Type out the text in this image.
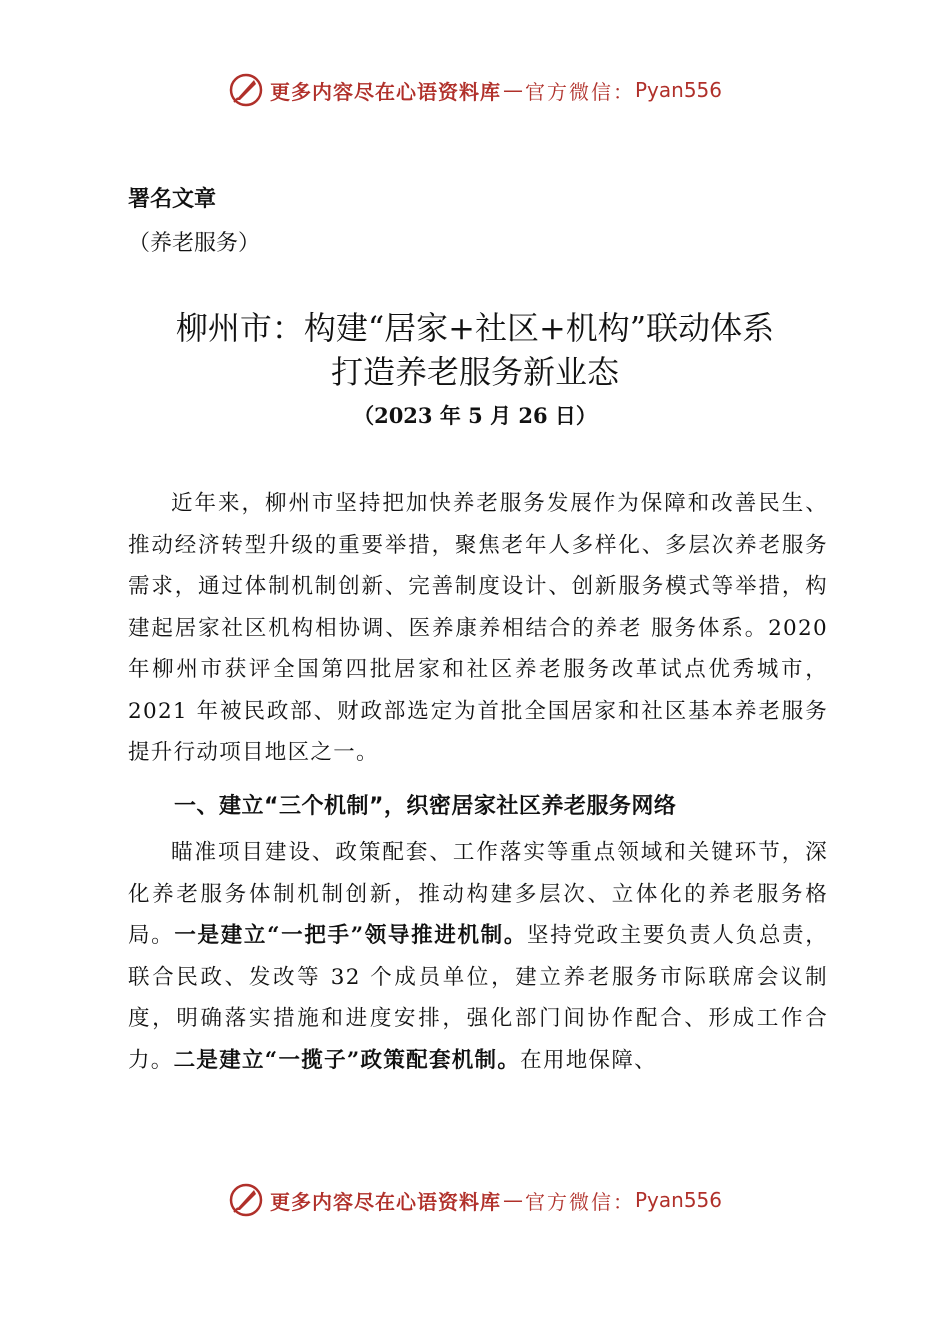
更多内容尽在心语资料库 — 官方微信： Pyan556
署名文章
（养老服务）
柳州市：构建“居家+社区+机构”联动体系
打造养老服务新业态
（2023 年 5 月 26 日）
近年来，柳州市坚持把加快养老服务发展作为保障和改善民生、推动经济转型升级的重要举措，聚焦老年人多样化、多层次养老服务需求，通过体制机制创新、完善制度设计、创新服务模式等举措，构建起居家社区机构相协调、医养康养相结合的养老 服务体系。2020 年柳州市获评全国第四批居家和社区养老服务改革试点优秀城市，2021 年被民政部、财政部选定为首批全国居家和社区基本养老服务提升行动项目地区之一。
一、建立“三个机制”，织密居家社区养老服务网络
瞄准项目建设、政策配套、工作落实等重点领域和关键环节，深化养老服务体制机制创新，推动构建多层次、立体化的养老服务格局。一是建立“一把手”领导推进机制。坚持党政主要负责人负总责，联合民政、发改等 32 个成员单位，建立养老服务市际联席会议制度，明确落实措施和进度安排，强化部门间协作配合、形成工作合力。二是建立“一揽子”政策配套机制。在用地保障、
更多内容尽在心语资料库 — 官方微信： Pyan556
